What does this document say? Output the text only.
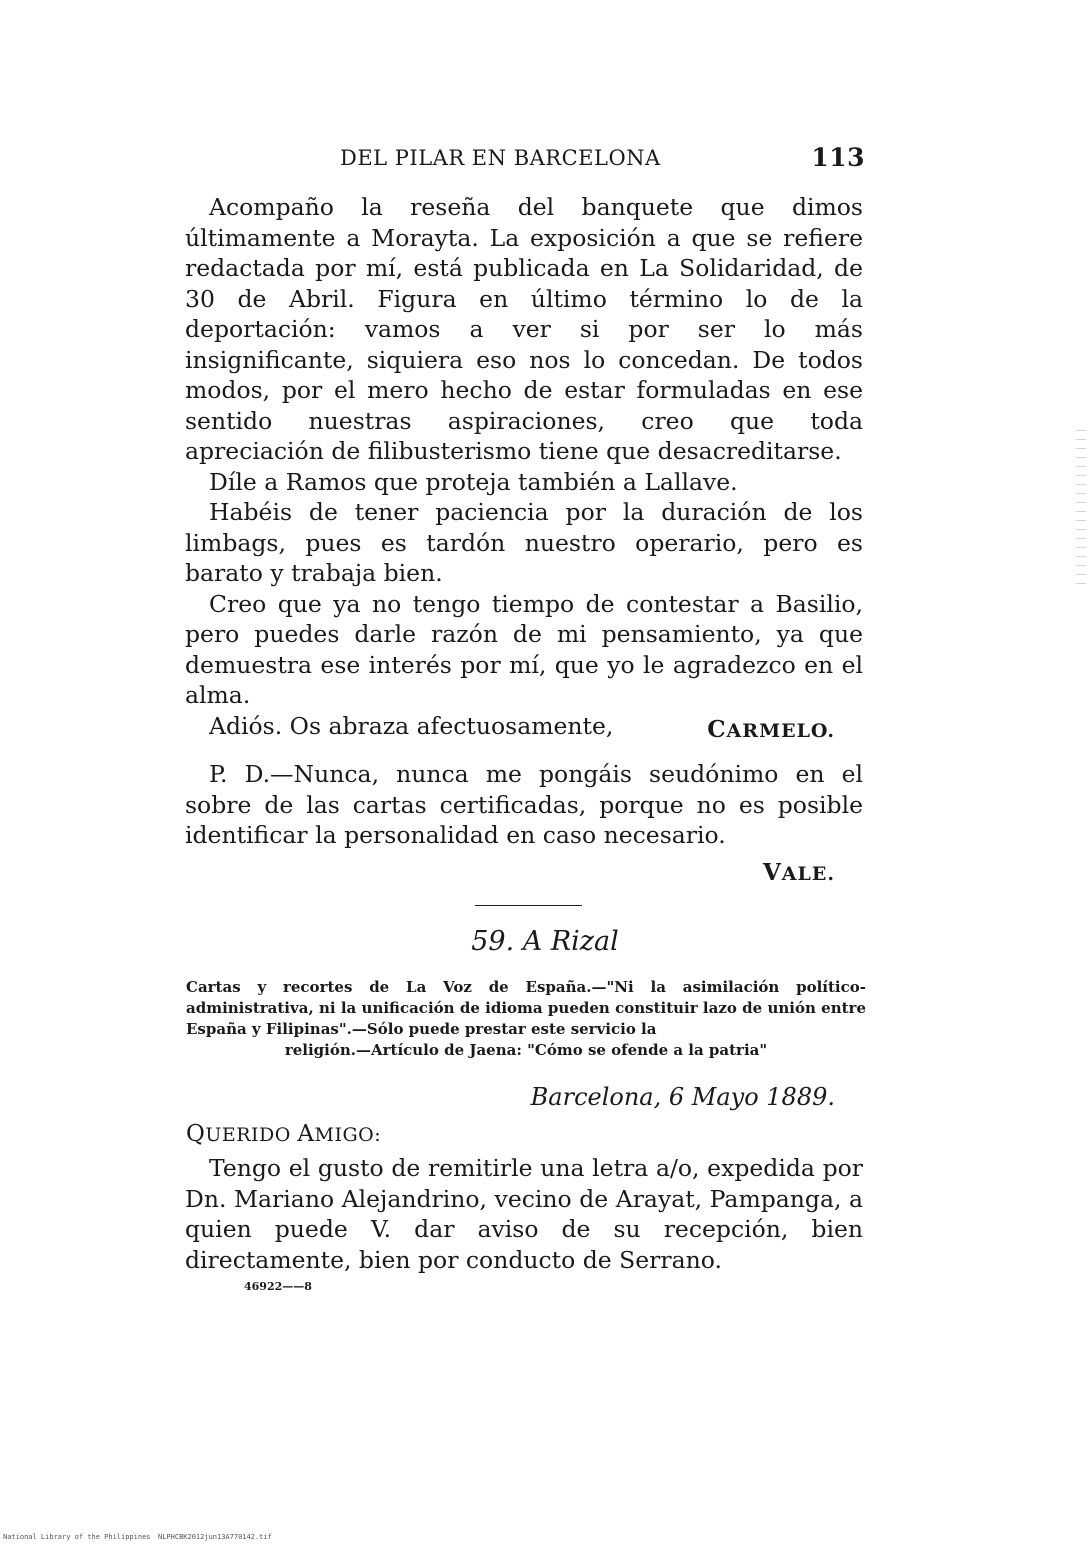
DEL PILAR EN BARCELONA	113

Acompaño la reseña del banquete que dimos últimamente a Morayta. La exposición a que se refiere redactada por mí, está publicada en La Solidaridad, de 30 de Abril. Figura en último término lo de la deportación: vamos a ver si por ser lo más insignificante, siquiera eso nos lo concedan. De todos modos, por el mero hecho de estar formuladas en ese sentido nuestras aspiraciones, creo que toda apreciación de filibusterismo tiene que desacreditarse.

Díle a Ramos que proteja también a Lallave.

Habéis de tener paciencia por la duración de los limbags, pues es tardón nuestro operario, pero es barato y trabaja bien.

Creo que ya no tengo tiempo de contestar a Basilio, pero puedes darle razón de mi pensamiento, ya que demuestra ese interés por mí, que yo le agradezco en el alma.

Adiós. Os abraza afectuosamente,	CARMELO.

P. D.—Nunca, nunca me pongáis seudónimo en el sobre de las cartas certificadas, porque no es posible identificar la personalidad en caso necesario.

VALE.
59. A Rizal

Cartas y recortes de La Voz de España.—"Ni la asimilación político-administrativa, ni la unificación de idioma pueden constituir lazo de unión entre España y Filipinas".—Sólo puede prestar este servicio la
religión.—Artículo de Jaena: "Cómo se ofende a la patria"

Barcelona, 6 Mayo 1889.
QUERIDO AMIGO:

Tengo el gusto de remitirle una letra a/o, expedida por Dn. Mariano Alejandrino, vecino de Arayat, Pampanga, a quien puede V. dar aviso de su recepción, bien directamente, bien por conducto de Serrano.

46922——8
National Library of the Philippines NLPHCBK2012jun13A770142.tif
